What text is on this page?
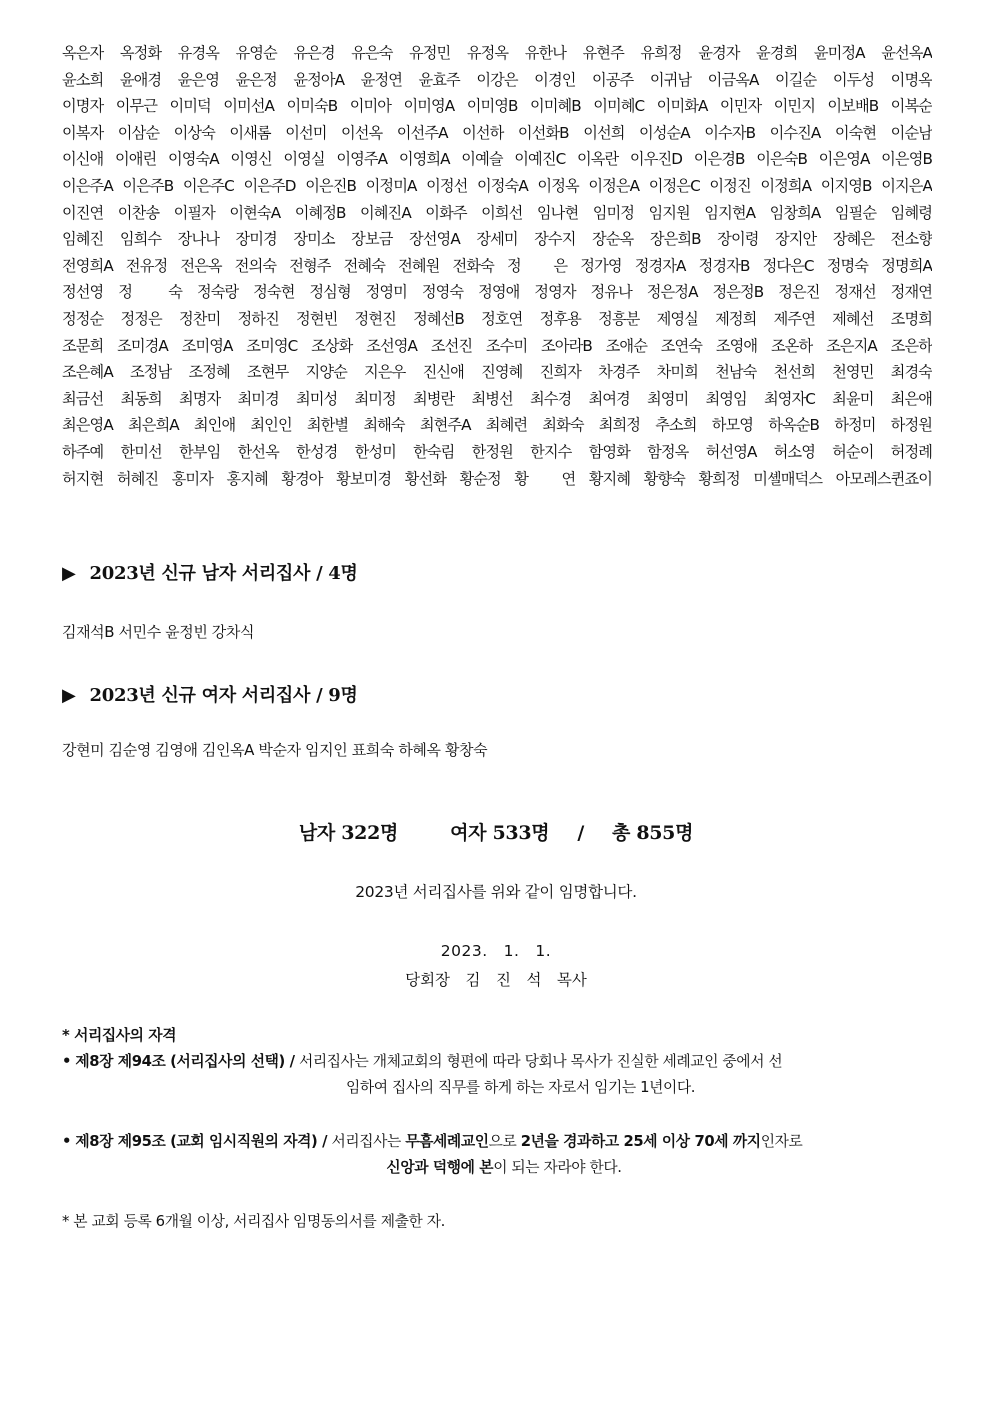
옥은자 옥정화 유경옥 유영순 유은경 유은숙 유정민 유정옥 유한나 유현주 유희정 윤경자 윤경희 윤미정A 윤선옥A
윤소희 윤애경 윤은영 윤은정 윤정아A 윤정연 윤효주 이강은 이경인 이공주 이귀남 이금옥A 이길순 이두성 이명옥
이명자 이무근 이미덕 이미선A 이미숙B 이미아 이미영A 이미영B 이미혜B 이미혜C 이미화A 이민자 이민지 이보배B 이복순
이복자 이삼순 이상숙 이새롬 이선미 이선옥 이선주A 이선하 이선화B 이선희 이성순A 이수자B 이수진A 이숙현 이순남
이신애 이애린 이영숙A 이영신 이영실 이영주A 이영희A 이예슬 이예진C 이옥란 이우진D 이은경B 이은숙B 이은영A 이은영B
이은주A 이은주B 이은주C 이은주D 이은진B 이정미A 이정선 이정숙A 이정옥 이정은A 이정은C 이정진 이정희A 이지영B 이지은A
이진연 이찬송 이필자 이현숙A 이혜정B 이혜진A 이화주 이희선 임나현 임미정 임지원 임지현A 임창희A 임필순 임혜령
임혜진 임희수 장나나 장미경 장미소 장보금 장선영A 장세미 장수지 장순옥 장은희B 장이령 장지안 장혜은 전소향
전영희A 전유정 전은옥 전의숙 전형주 전혜숙 전혜원 전화숙 정　은 정가영 정경자A 정경자B 정다은C 정명숙 정명희A
정선영 정　숙 정숙랑 정숙현 정심형 정영미 정영숙 정영애 정영자 정유나 정은정A 정은정B 정은진 정재선 정재연
정정순 정정은 정찬미 정하진 정현빈 정현진 정혜선B 정호연 정후용 정흥분 제영실 제정희 제주연 제혜선 조명희
조문희 조미경A 조미영A 조미영C 조상화 조선영A 조선진 조수미 조아라B 조애순 조연숙 조영애 조온하 조은지A 조은하
조은혜A 조정남 조정혜 조현무 지양순 지은우 진신애 진영혜 진희자 차경주 차미희 천남숙 천선희 천영민 최경숙
최금선 최동희 최명자 최미경 최미성 최미정 최병란 최병선 최수경 최여경 최영미 최영임 최영자C 최윤미 최은애
최은영A 최은희A 최인애 최인인 최한별 최해숙 최현주A 최혜련 최화숙 최희정 추소희 하모영 하옥순B 하정미 하정원
하주예 한미선 한부임 한선옥 한성경 한성미 한숙림 한정원 한지수 함영화 함정옥 허선영A 허소영 허순이 허정례
허지현 허혜진 홍미자 홍지혜 황경아 황보미경 황선화 황순정 황　연 황지혜 황향숙 황희정 미셸매덕스 아모레스퀸죠이
▶ 2023년 신규 남자 서리집사 / 4명
김재석B 서민수 윤정빈 강차식
▶ 2023년 신규 여자 서리집사 / 9명
강현미 김순영 김영애 김인옥A 박순자 임지인 표희숙 하혜옥 황창숙
남자 322명	여자 533명 / 총 855명
2023년 서리집사를 위와 같이 임명합니다.
2023.　1.　1.
당회장　김　진　석　목사
* 서리집사의 자격
• 제8장 제94조 (서리집사의 선택) / 서리집사는 개체교회의 형편에 따라 당회나 목사가 진실한 세례교인 중에서 선
임하여 집사의 직무를 하게 하는 자로서 임기는 1년이다.
• 제8장 제95조 (교회 임시직원의 자격) / 서리집사는 무흠세례교인으로 2년을 경과하고 25세 이상 70세 까지인자로
신앙과 덕행에 본이 되는 자라야 한다.
* 본 교회 등록 6개월 이상, 서리집사 임명동의서를 제출한 자.
